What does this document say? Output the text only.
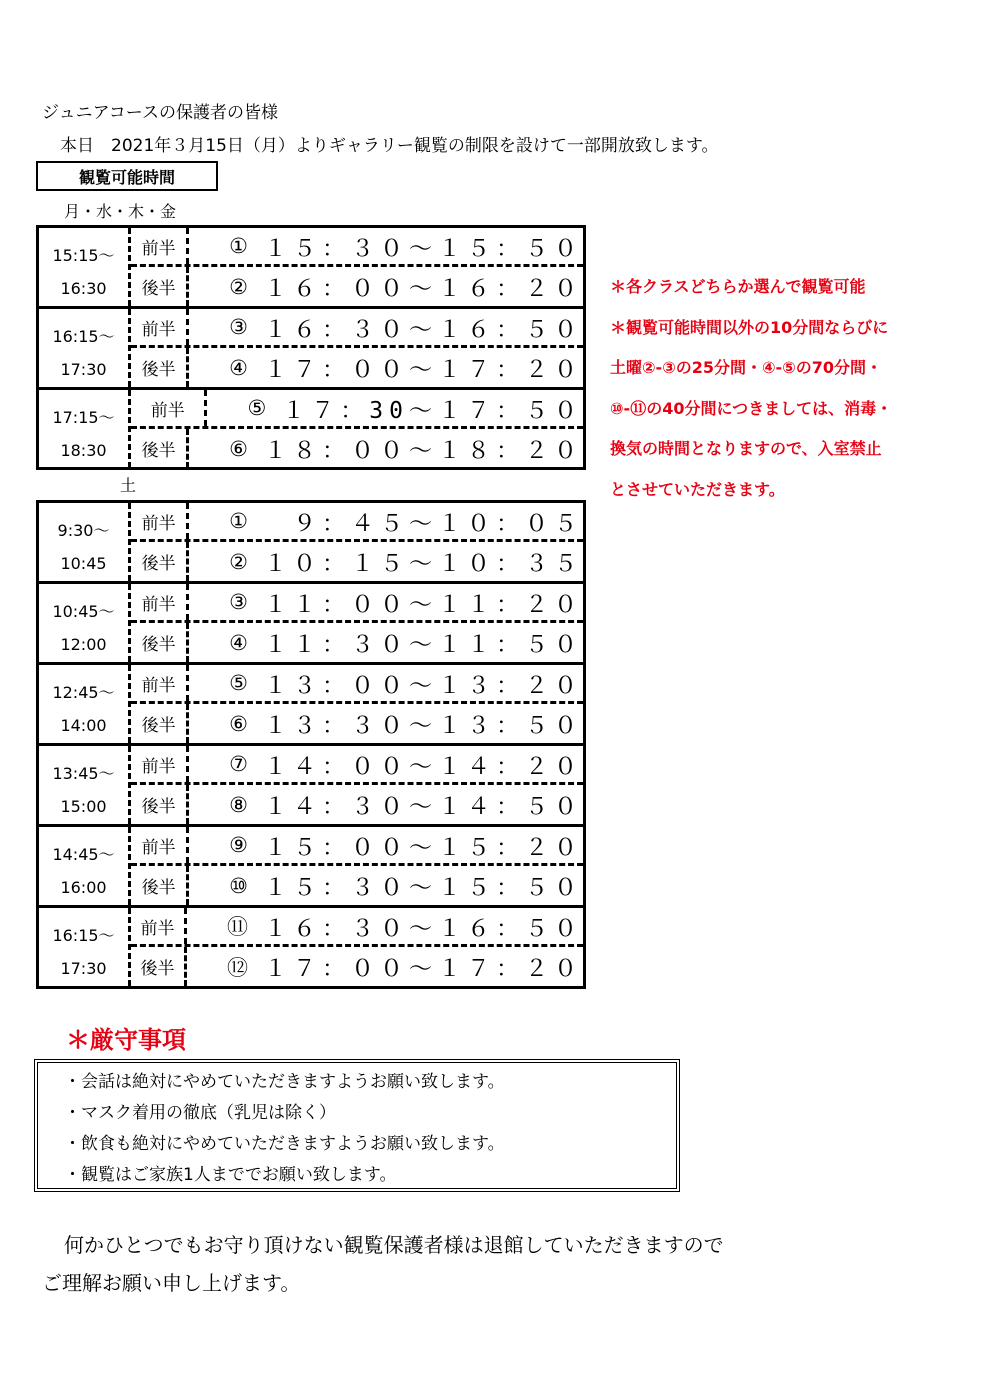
ジュニアコースの保護者の皆様
本日　2021年３月15日（月）よりギャラリー観覧の制限を設けて一部開放致します。
観覧可能時間
月・水・木・金
15:15～
16:30
前半	① １５：３０～１５：５０
後半	② １６：００～１６：２０
16:15～
17:30
前半	③ １６：３０～１６：５０
後半	④ １７：００～１７：２０
17:15～
18:30
前半	⑤ １７：30～１７：５０
後半	⑥ １８：００～１８：２０
土
9:30～
10:45
前半	① 　９：４５～１０：０５
後半	② １０：１５～１０：３５
10:45～
12:00
前半	③ １１：００～１１：２０
後半	④ １１：３０～１１：５０
12:45～
14:00
前半	⑤ １３：００～１３：２０
後半	⑥ １３：３０～１３：５０
13:45～
15:00
前半	⑦ １４：００～１４：２０
後半	⑧ １４：３０～１４：５０
14:45～
16:00
前半	⑨ １５：００～１５：２０
後半	⑩ １５：３０～１５：５０
16:15～
17:30
前半	⑪ １６：３０～１６：５０
後半	⑫ １７：００～１７：２０
＊各クラスどちらか選んで観覧可能
＊観覧可能時間以外の10分間ならびに
土曜②-③の25分間・④-⑤の70分間・
⑩-⑪の40分間につきましては、消毒・
換気の時間となりますので、入室禁止
とさせていただきます。
＊厳守事項
・会話は絶対にやめていただきますようお願い致します。
・マスク着用の徹底（乳児は除く）
・飲食も絶対にやめていただきますようお願い致します。
・観覧はご家族1人まででお願い致します。
何かひとつでもお守り頂けない観覧保護者様は退館していただきますので
ご理解お願い申し上げます。
